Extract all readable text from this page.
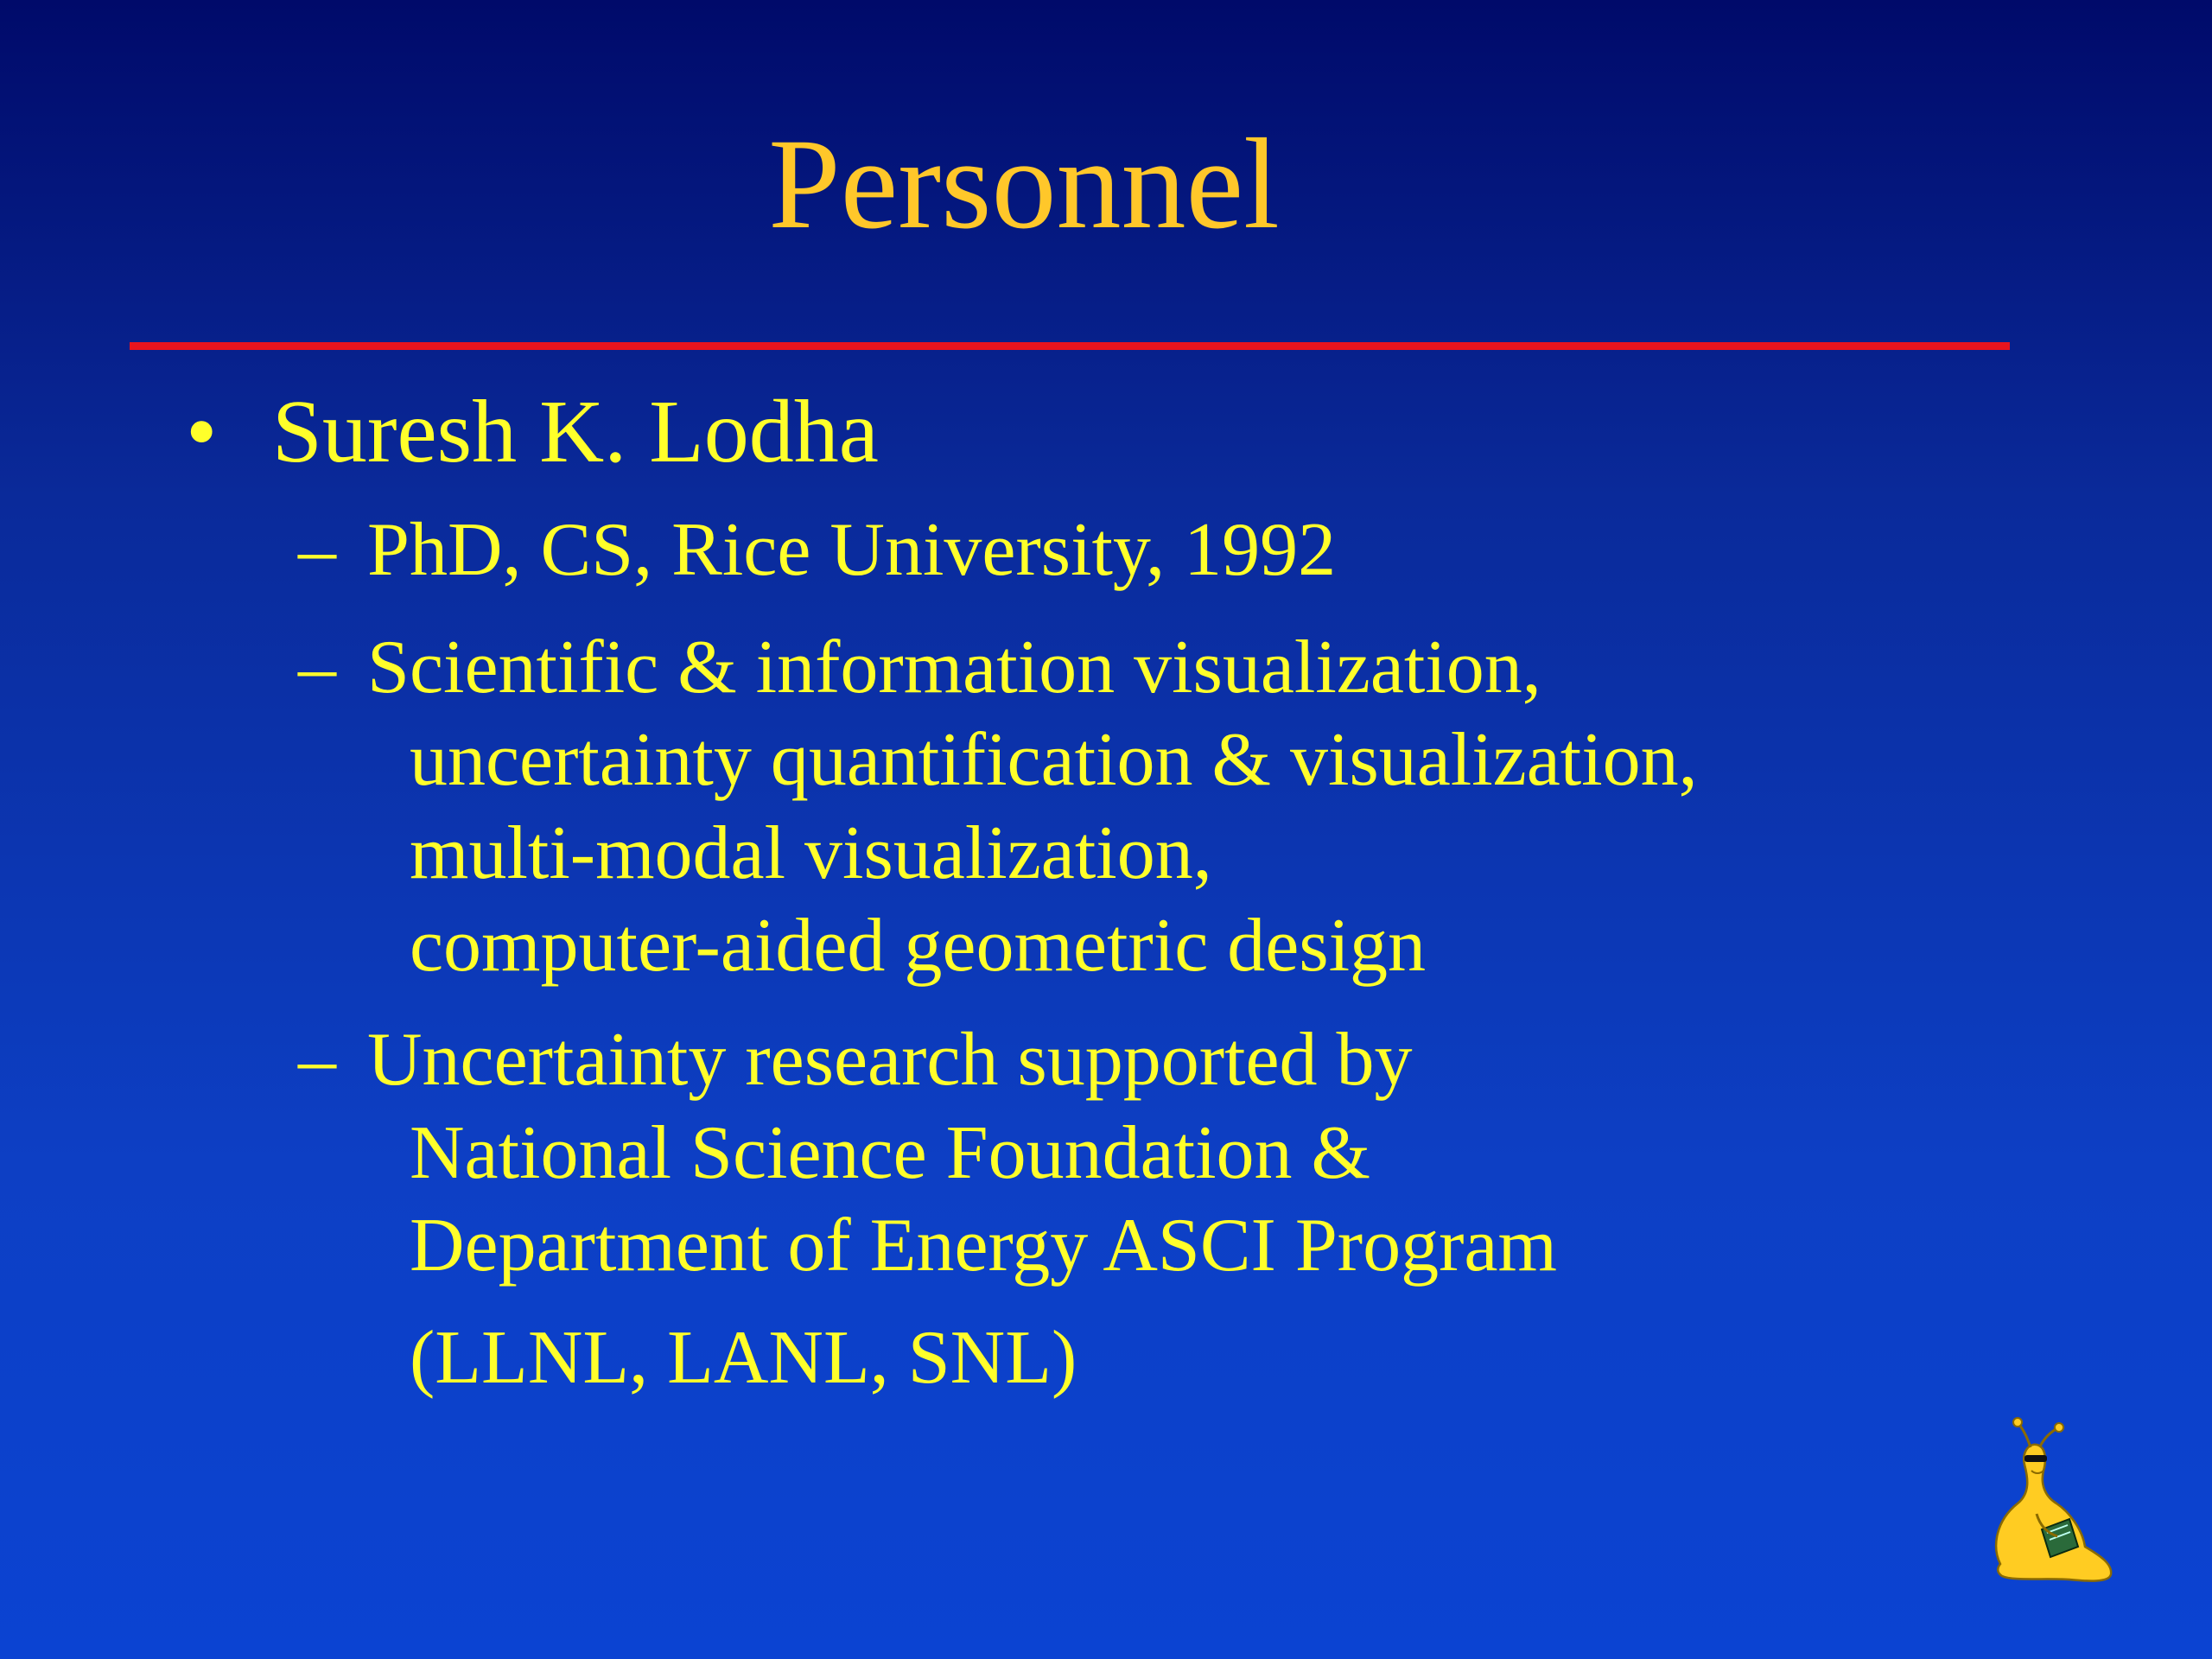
Personnel

• Suresh K. Lodha

– PhD, CS, Rice University, 1992

– Scientific & information visualization,

uncertainty quantification & visualization,

multi-modal visualization,

computer-aided geometric design

– Uncertainty research supported by

National Science Foundation &

Department of Energy ASCI Program

(LLNL, LANL, SNL)
